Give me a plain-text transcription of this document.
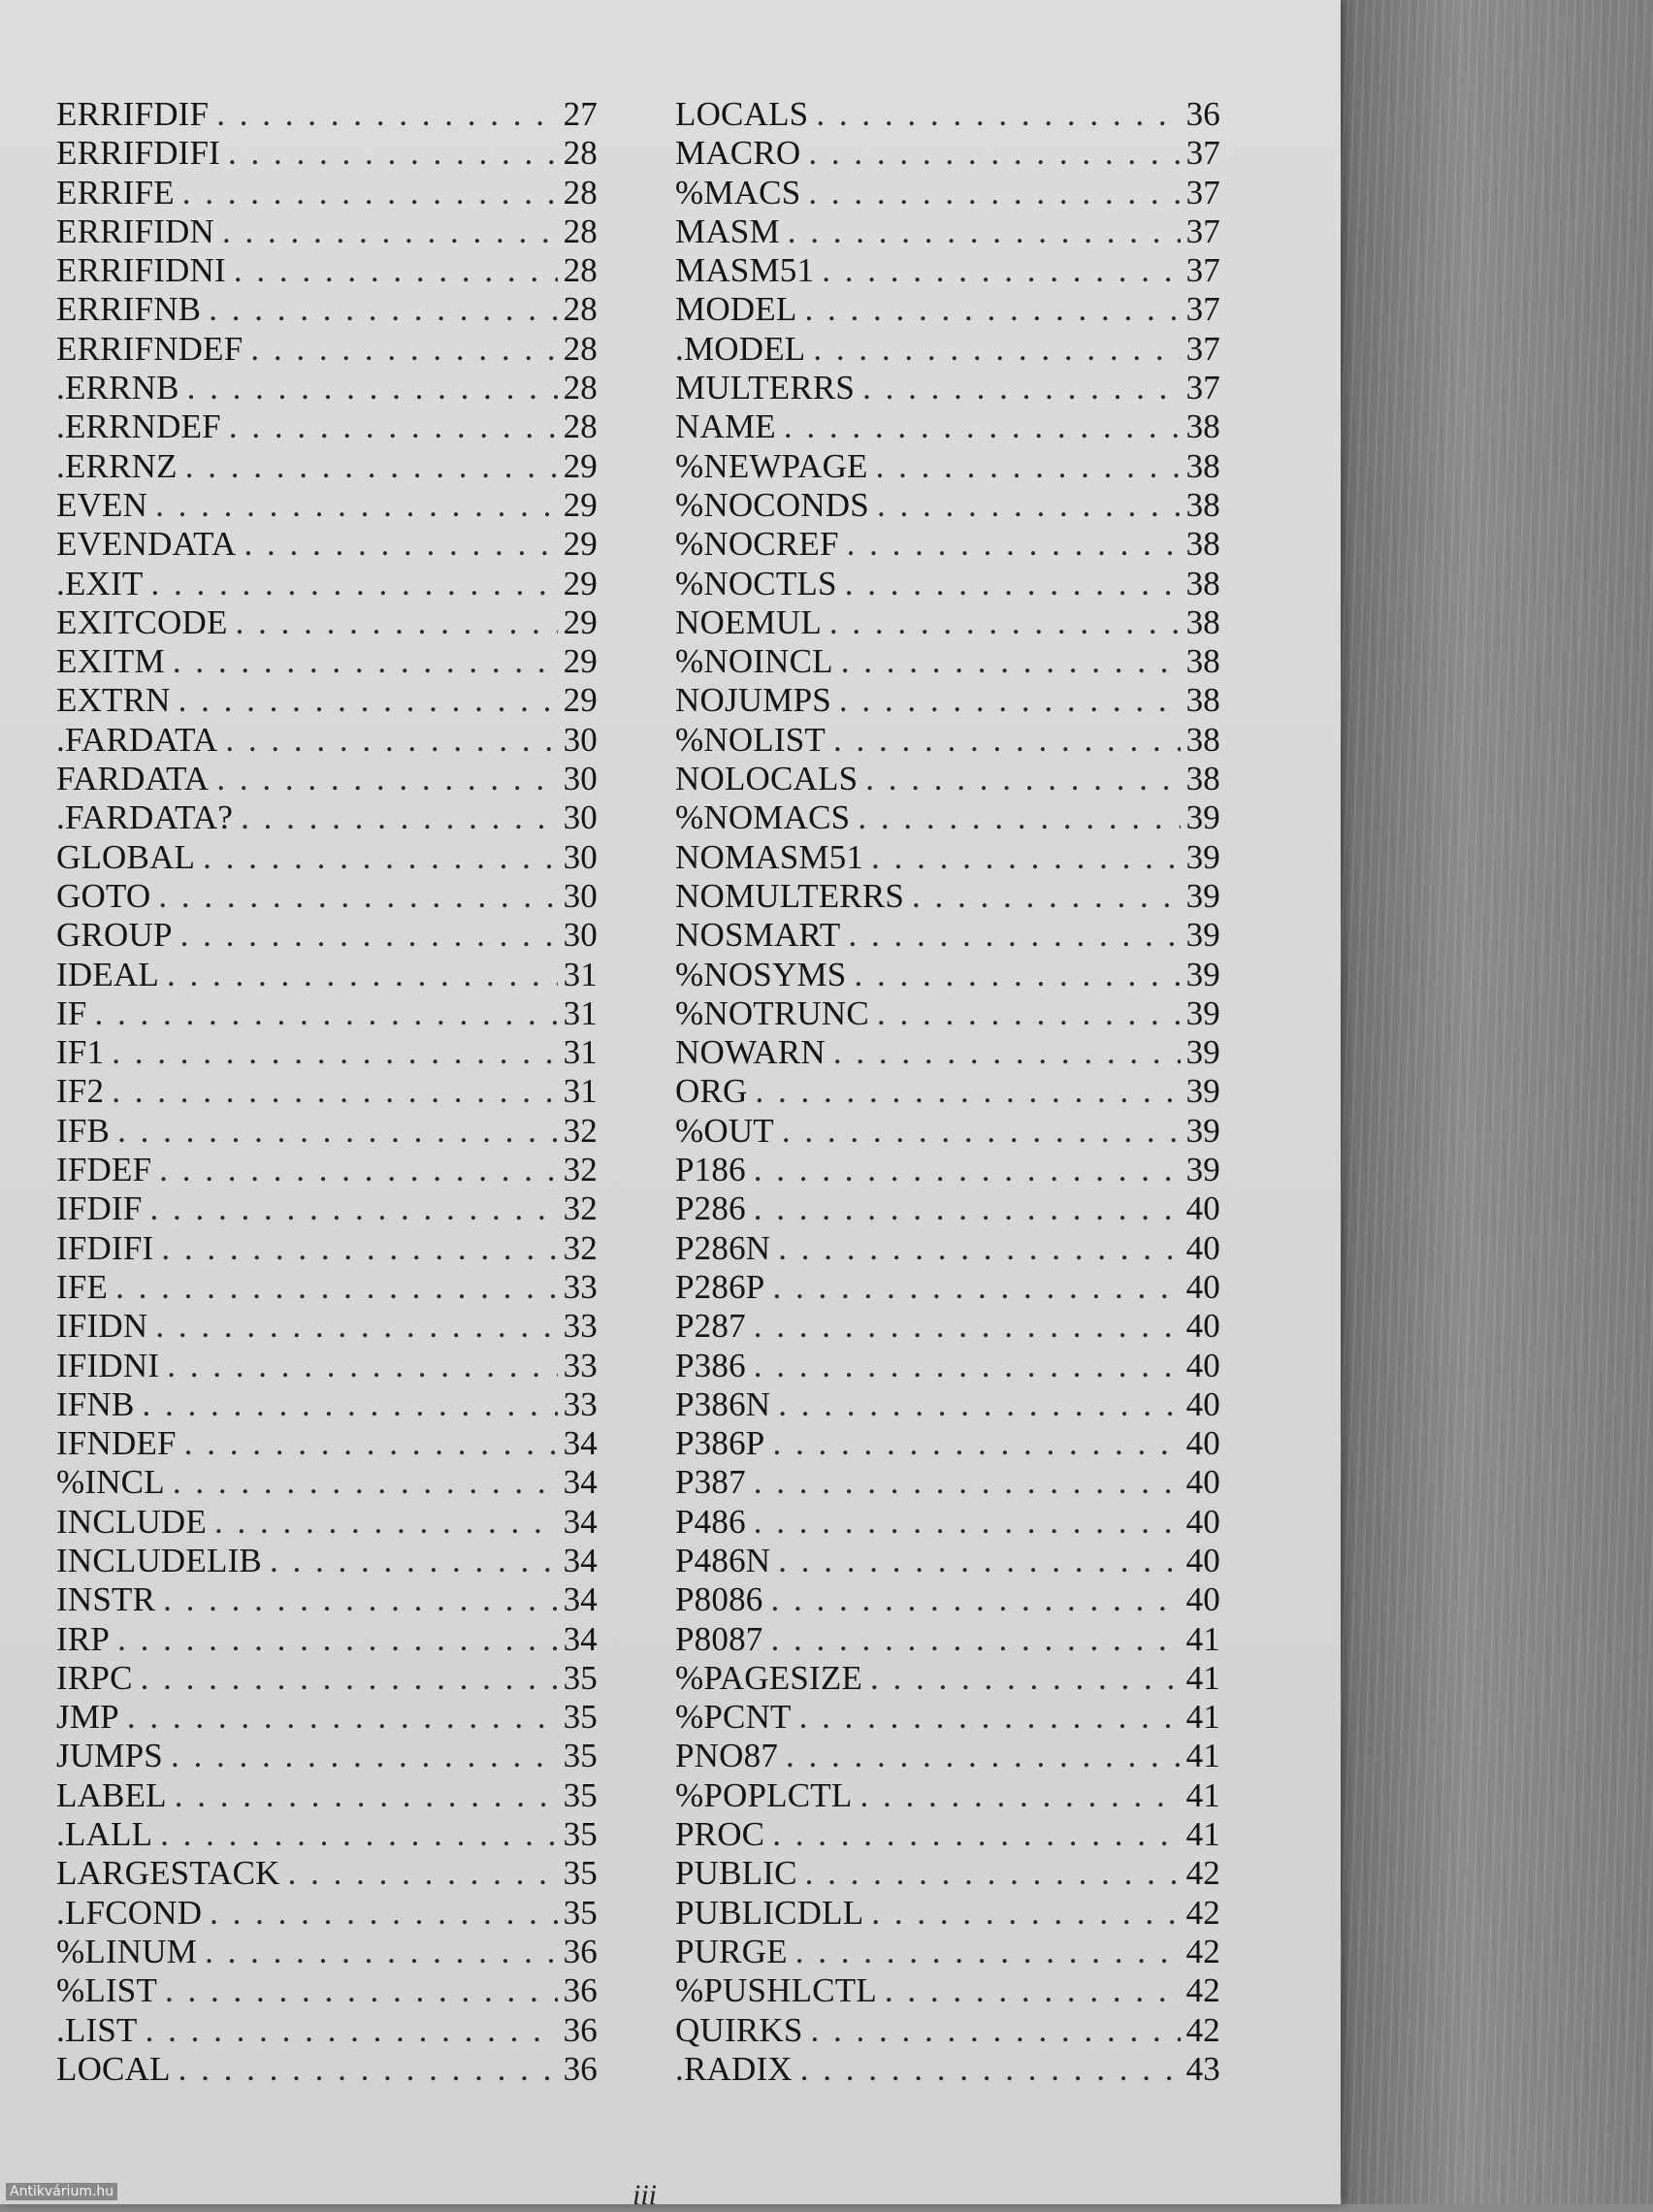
ERRIFDIF . . .	27
ERRIFDIFI . . .	28
ERRIFE . . .	28
ERRIFIDN . . .	28
ERRIFIDNI . . .	28
ERRIFNB . . .	28
ERRIFNDEF . . .	28
.ERRNB . . .	28
.ERRNDEF . . .	28
.ERRNZ . . .	29
EVEN . . .	29
EVENDATA . . .	29
.EXIT . . .	29
EXITCODE . . .	29
EXITM . . .	29
EXTRN . . .	29
.FARDATA . . .	30
FARDATA . . .	30
.FARDATA? . . .	30
GLOBAL . . .	30
GOTO . . .	30
GROUP . . .	30
IDEAL . . .	31
IF . . .	31
IF1 . . .	31
IF2 . . .	31
IFB . . .	32
IFDEF . . .	32
IFDIF . . .	32
IFDIFI . . .	32
IFE . . .	33
IFIDN . . .	33
IFIDNI . . .	33
IFNB . . .	33
IFNDEF . . .	34
%INCL . . .	34
INCLUDE . . .	34
INCLUDELIB . . .	34
INSTR . . .	34
IRP . . .	34
IRPC . . .	35
JMP . . .	35
JUMPS . . .	35
LABEL . . .	35
.LALL . . .	35
LARGESTACK . . .	35
.LFCOND . . .	35
%LINUM . . .	36
%LIST . . .	36
.LIST . . .	36
LOCAL . . .	36
LOCALS . . .	36
MACRO . . .	37
%MACS . . .	37
MASM . . .	37
MASM51 . . .	37
MODEL . . .	37
.MODEL . . .	37
MULTERRS . . .	37
NAME . . .	38
%NEWPAGE . . .	38
%NOCONDS . . .	38
%NOCREF . . .	38
%NOCTLS . . .	38
NOEMUL . . .	38
%NOINCL . . .	38
NOJUMPS . . .	38
%NOLIST . . .	38
NOLOCALS . . .	38
%NOMACS . . .	39
NOMASM51 . . .	39
NOMULTERRS . . .	39
NOSMART . . .	39
%NOSYMS . . .	39
%NOTRUNC . . .	39
NOWARN . . .	39
ORG . . .	39
%OUT . . .	39
P186 . . .	39
P286 . . .	40
P286N . . .	40
P286P . . .	40
P287 . . .	40
P386 . . .	40
P386N . . .	40
P386P . . .	40
P387 . . .	40
P486 . . .	40
P486N . . .	40
P8086 . . .	40
P8087 . . .	41
%PAGESIZE . . .	41
%PCNT . . .	41
PNO87 . . .	41
%POPLCTL . . .	41
PROC . . .	41
PUBLIC . . .	42
PUBLICDLL . . .	42
PURGE . . .	42
%PUSHLCTL . . .	42
QUIRKS . . .	42
.RADIX . . .	43
iii
Antikvárium.hu
